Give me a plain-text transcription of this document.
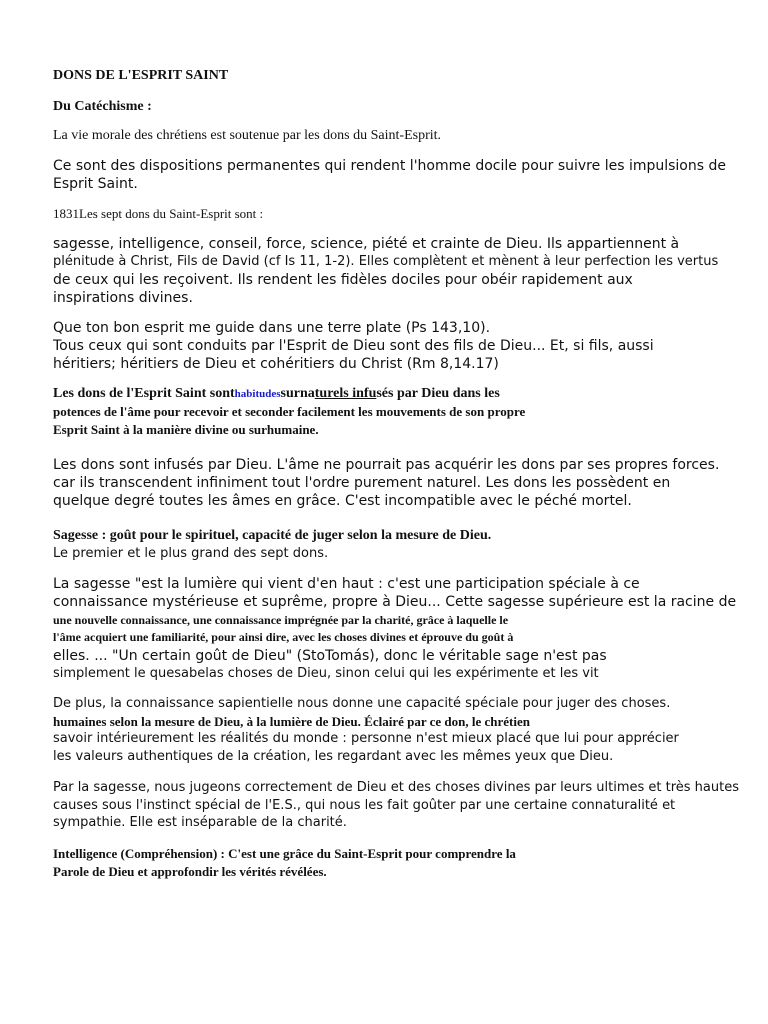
DONS DE L'ESPRIT SAINT
Du Catéchisme :
La vie morale des chrétiens est soutenue par les dons du Saint-Esprit.
Ce sont des dispositions permanentes qui rendent l'homme docile pour suivre les impulsions de
Esprit Saint.
1831Les sept dons du Saint-Esprit sont :
sagesse, intelligence, conseil, force, science, piété et crainte de Dieu. Ils appartiennent à
plénitude à Christ, Fils de David (cf Is 11, 1-2). Elles complètent et mènent à leur perfection les vertus
de ceux qui les reçoivent. Ils rendent les fidèles dociles pour obéir rapidement aux
inspirations divines.
Que ton bon esprit me guide dans une terre plate (Ps 143,10).
Tous ceux qui sont conduits par l'Esprit de Dieu sont des fils de Dieu... Et, si fils, aussi
héritiers; héritiers de Dieu et cohéritiers du Christ (Rm 8,14.17)
Les dons de l'Esprit Saint sonthabitudessurnaturels infusés par Dieu dans les
potences de l'âme pour recevoir et seconder facilement les mouvements de son propre
Esprit Saint à la manière divine ou surhumaine.
Les dons sont infusés par Dieu. L'âme ne pourrait pas acquérir les dons par ses propres forces.
car ils transcendent infiniment tout l'ordre purement naturel. Les dons les possèdent en
quelque degré toutes les âmes en grâce. C'est incompatible avec le péché mortel.
Sagesse : goût pour le spirituel, capacité de juger selon la mesure de Dieu.
Le premier et le plus grand des sept dons.
La sagesse "est la lumière qui vient d'en haut : c'est une participation spéciale à ce
connaissance mystérieuse et suprême, propre à Dieu... Cette sagesse supérieure est la racine de
une nouvelle connaissance, une connaissance imprégnée par la charité, grâce à laquelle le
l'âme acquiert une familiarité, pour ainsi dire, avec les choses divines et éprouve du goût à
elles. ... "Un certain goût de Dieu" (StoTomás), donc le véritable sage n'est pas
simplement le quesabelas choses de Dieu, sinon celui qui les expérimente et les vit
De plus, la connaissance sapientielle nous donne une capacité spéciale pour juger des choses.
humaines selon la mesure de Dieu, à la lumière de Dieu. Éclairé par ce don, le chrétien
savoir intérieurement les réalités du monde : personne n'est mieux placé que lui pour apprécier
les valeurs authentiques de la création, les regardant avec les mêmes yeux que Dieu.
Par la sagesse, nous jugeons correctement de Dieu et des choses divines par leurs ultimes et très hautes
causes sous l'instinct spécial de l'E.S., qui nous les fait goûter par une certaine connaturalité et
sympathie. Elle est inséparable de la charité.
Intelligence (Compréhension) : C'est une grâce du Saint-Esprit pour comprendre la
Parole de Dieu et approfondir les vérités révélées.
